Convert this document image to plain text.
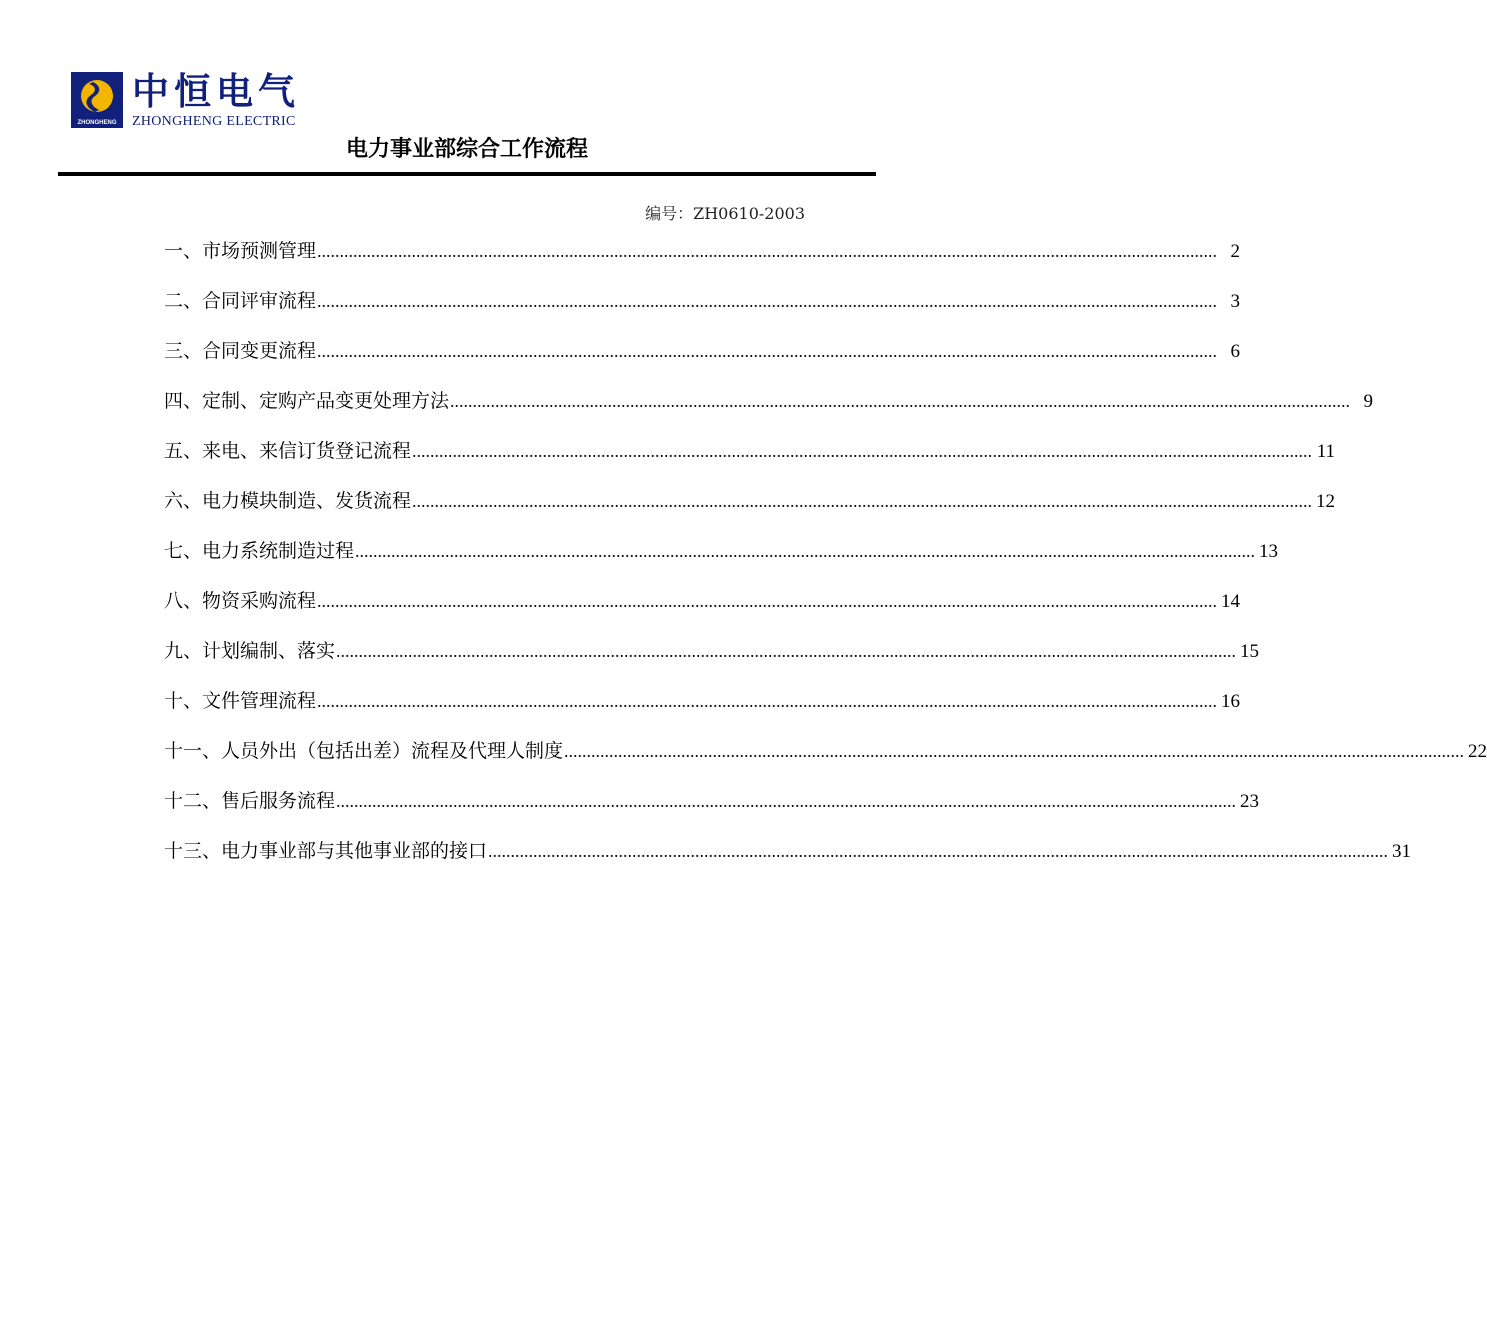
ZHONGHENG
中恒电气
ZHONGHENG ELECTRIC
电力事业部综合工作流程
编号：ZH0610-2003
一、市场预测管理 ........................................................................................................................................................................................................ 2
二、合同评审流程 ........................................................................................................................................................................................................ 3
三、合同变更流程 ........................................................................................................................................................................................................ 6
四、定制、定购产品变更处理方法 ........................................................................................................................................................................................................ 9
五、来电、来信订货登记流程 ........................................................................................................................................................................................................ 11
六、电力模块制造、发货流程 ........................................................................................................................................................................................................ 12
七、电力系统制造过程 ........................................................................................................................................................................................................ 13
八、物资采购流程 ........................................................................................................................................................................................................ 14
九、计划编制、落实 ........................................................................................................................................................................................................ 15
十、文件管理流程 ........................................................................................................................................................................................................ 16
十一、人员外出（包括出差）流程及代理人制度 ........................................................................................................................................................................................................ 22
十二、售后服务流程 ........................................................................................................................................................................................................ 23
十三、电力事业部与其他事业部的接口 ........................................................................................................................................................................................................ 31
